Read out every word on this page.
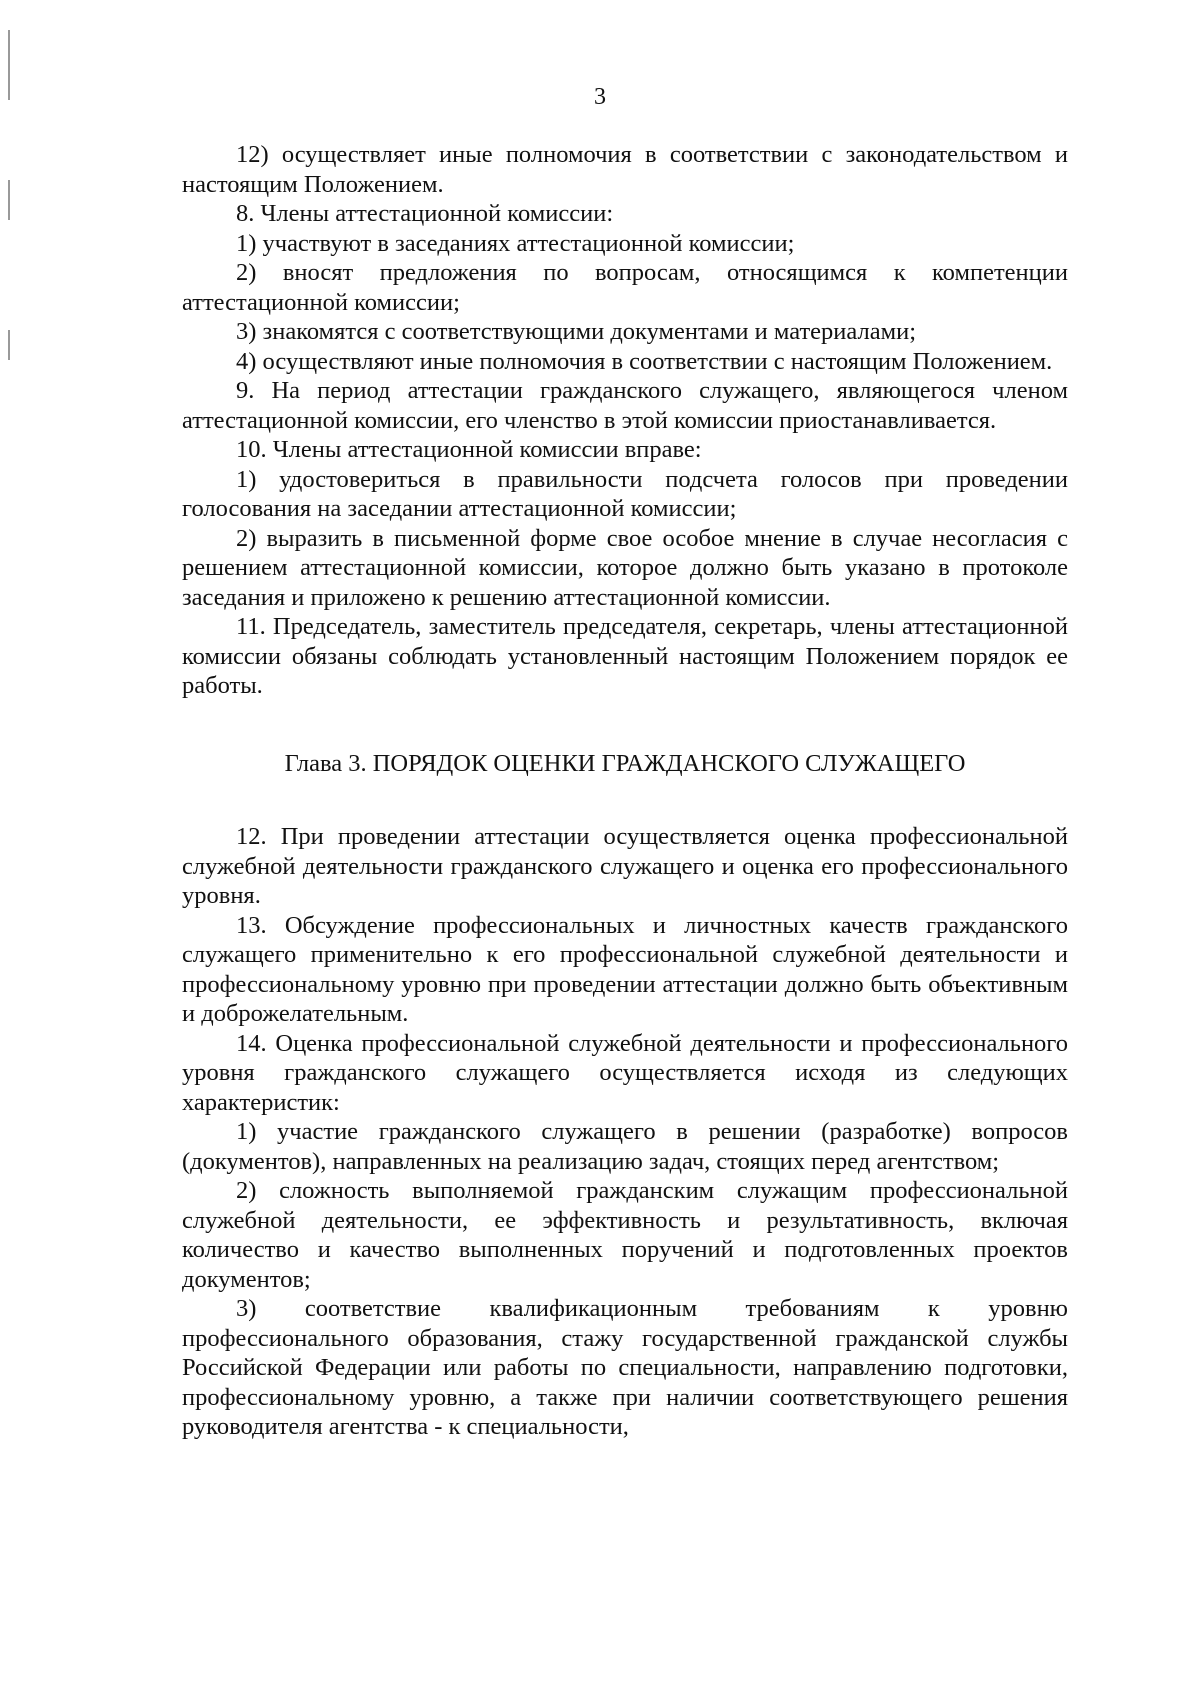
3

12) осуществляет иные полномочия в соответствии с законодательством и настоящим Положением.

8. Члены аттестационной комиссии:

1) участвуют в заседаниях аттестационной комиссии;

2) вносят предложения по вопросам, относящимся к компетенции аттестационной комиссии;

3) знакомятся с соответствующими документами и материалами;

4) осуществляют иные полномочия в соответствии с настоящим Положением.

9. На период аттестации гражданского служащего, являющегося членом аттестационной комиссии, его членство в этой комиссии приостанавливается.

10. Члены аттестационной комиссии вправе:

1) удостовериться в правильности подсчета голосов при проведении голосования на заседании аттестационной комиссии;

2) выразить в письменной форме свое особое мнение в случае несогласия с решением аттестационной комиссии, которое должно быть указано в протоколе заседания и приложено к решению аттестационной комиссии.

11. Председатель, заместитель председателя, секретарь, члены аттестационной комиссии обязаны соблюдать установленный настоящим Положением порядок ее работы.

Глава 3. ПОРЯДОК ОЦЕНКИ ГРАЖДАНСКОГО СЛУЖАЩЕГО

12. При проведении аттестации осуществляется оценка профессиональной служебной деятельности гражданского служащего и оценка его профессионального уровня.

13. Обсуждение профессиональных и личностных качеств гражданского служащего применительно к его профессиональной служебной деятельности и профессиональному уровню при проведении аттестации должно быть объективным и доброжелательным.

14. Оценка профессиональной служебной деятельности и профессионального уровня гражданского служащего осуществляется исходя из следующих характеристик:

1) участие гражданского служащего в решении (разработке) вопросов (документов), направленных на реализацию задач, стоящих перед агентством;

2) сложность выполняемой гражданским служащим профессиональной служебной деятельности, ее эффективность и результативность, включая количество и качество выполненных поручений и подготовленных проектов документов;

3) соответствие квалификационным требованиям к уровню профессионального образования, стажу государственной гражданской службы Российской Федерации или работы по специальности, направлению подготовки, профессиональному уровню, а также при наличии соответствующего решения руководителя агентства - к специальности,
